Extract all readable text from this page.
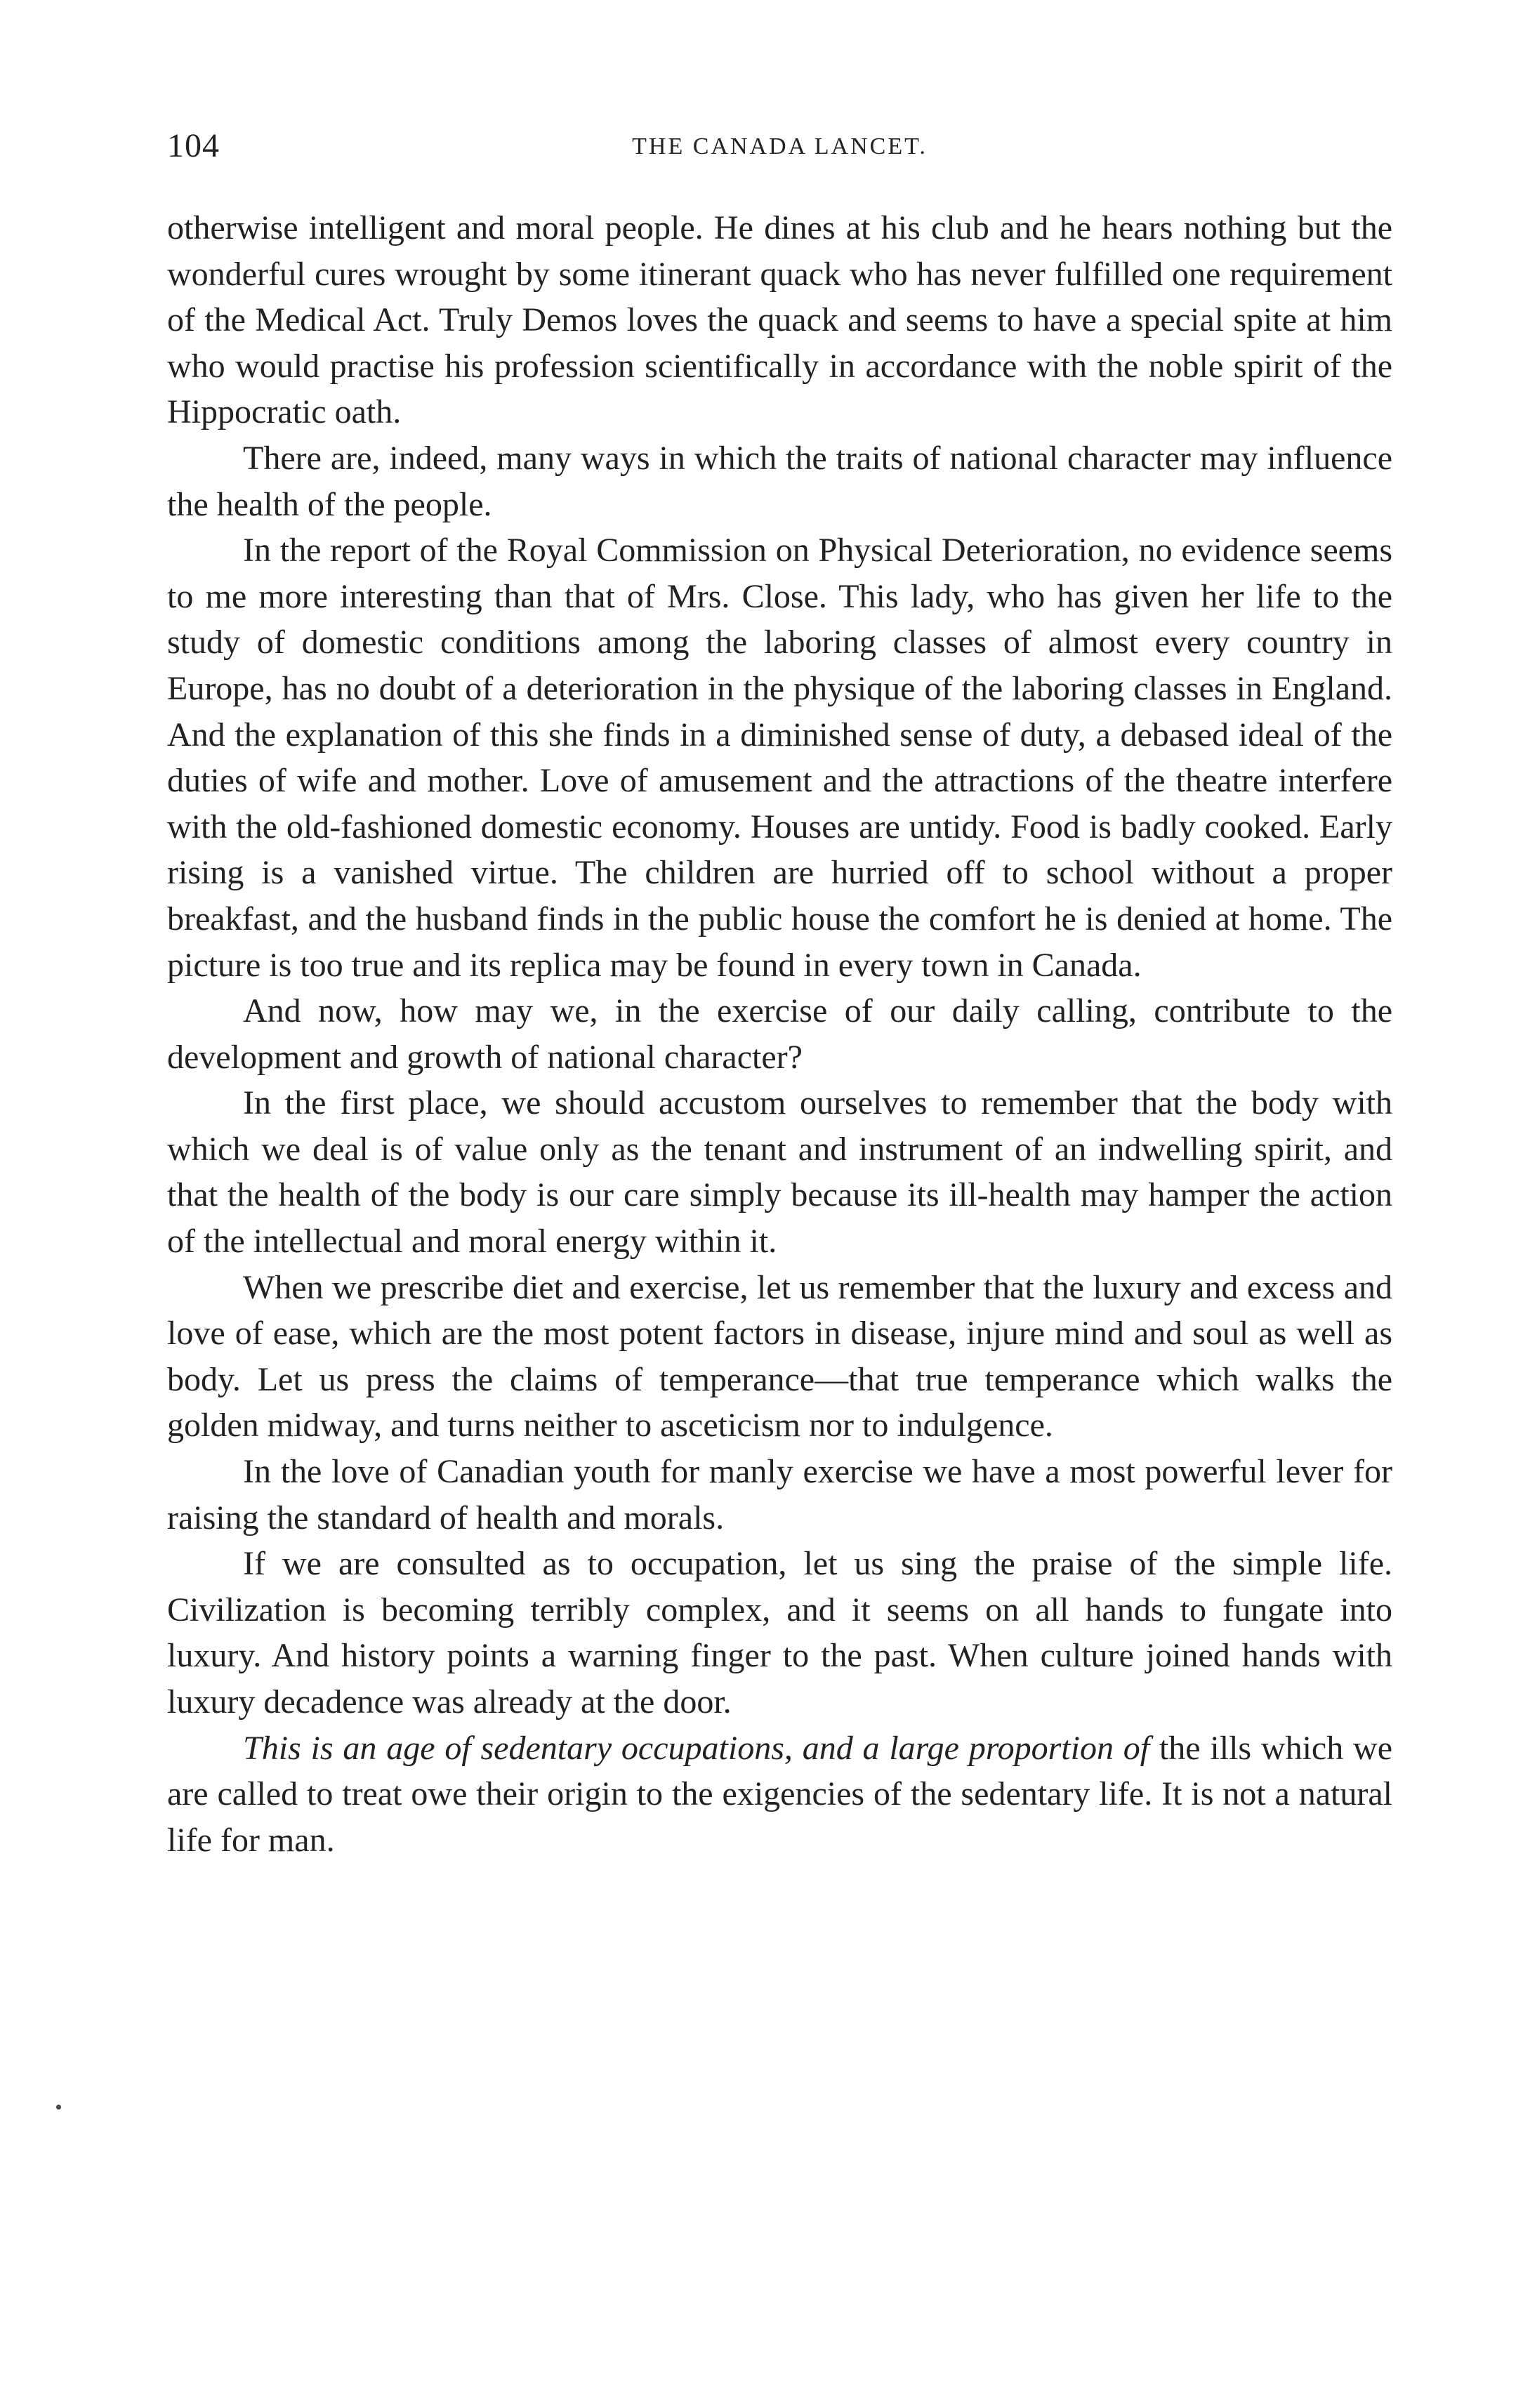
104	THE CANADA LANCET.

otherwise intelligent and moral people. He dines at his club and he hears nothing but the wonderful cures wrought by some itinerant quack who has never fulfilled one requirement of the Medical Act. Truly Demos loves the quack and seems to have a special spite at him who would practise his profession scientifically in accordance with the noble spirit of the Hippocratic oath.

There are, indeed, many ways in which the traits of national character may influence the health of the people.

In the report of the Royal Commission on Physical Deterioration, no evidence seems to me more interesting than that of Mrs. Close. This lady, who has given her life to the study of domestic conditions among the laboring classes of almost every country in Europe, has no doubt of a deterioration in the physique of the laboring classes in England. And the explanation of this she finds in a diminished sense of duty, a debased ideal of the duties of wife and mother. Love of amusement and the attractions of the theatre interfere with the old-fashioned domestic economy. Houses are untidy. Food is badly cooked. Early rising is a vanished virtue. The children are hurried off to school without a proper breakfast, and the husband finds in the public house the comfort he is denied at home. The picture is too true and its replica may be found in every town in Canada.

And now, how may we, in the exercise of our daily calling, contribute to the development and growth of national character?

In the first place, we should accustom ourselves to remember that the body with which we deal is of value only as the tenant and instrument of an indwelling spirit, and that the health of the body is our care simply because its ill-health may hamper the action of the intellectual and moral energy within it.

When we prescribe diet and exercise, let us remember that the luxury and excess and love of ease, which are the most potent factors in disease, injure mind and soul as well as body. Let us press the claims of temperance—that true temperance which walks the golden midway, and turns neither to asceticism nor to indulgence.

In the love of Canadian youth for manly exercise we have a most powerful lever for raising the standard of health and morals.

If we are consulted as to occupation, let us sing the praise of the simple life. Civilization is becoming terribly complex, and it seems on all hands to fungate into luxury. And history points a warning finger to the past. When culture joined hands with luxury decadence was already at the door.

This is an age of sedentary occupations, and a large proportion of the ills which we are called to treat owe their origin to the exigencies of the sedentary life. It is not a natural life for man.
